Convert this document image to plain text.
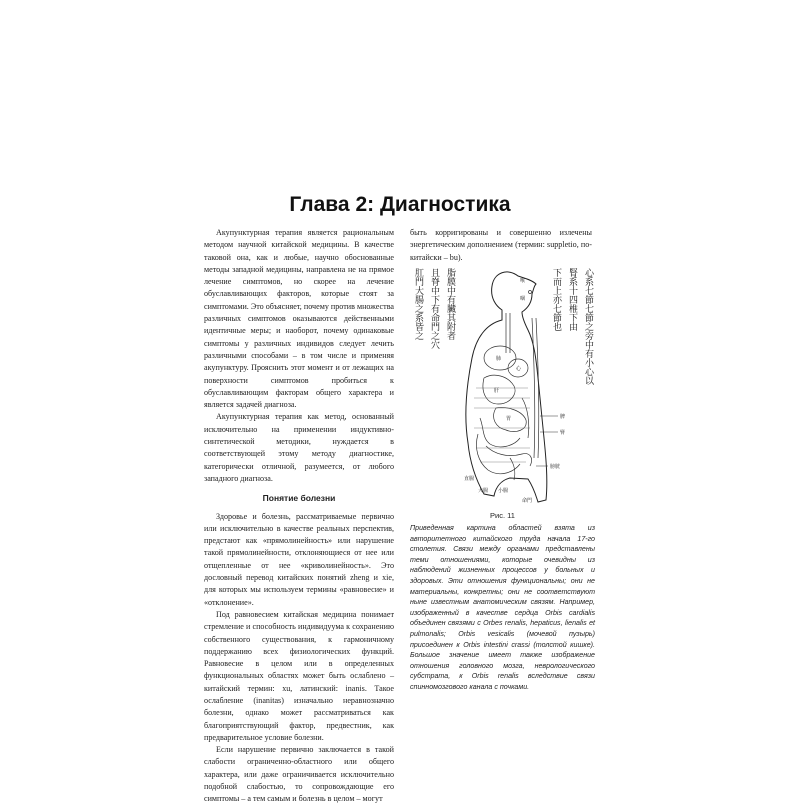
Глава 2: Диагностика

Акупунктурная терапия является рациональным методом научной китайской медицины. В качестве таковой она, как и любые, научно обоснованные методы западной медицины, направлена не на прямое лечение симптомов, но скорее на лечение обуславливающих факторов, которые стоят за симптомами. Это объясняет, почему против множества различных симптомов оказываются действенными идентичные меры; и наоборот, почему одинаковые симптомы у различных индивидов следует лечить различными способами – в том числе и применяя акупунктуру. Прояснить этот момент и от лежащих на поверхности симптомов пробиться к обуславливающим факторам общего характера и является задачей диагноза.

Акупунктурная терапия как метод, основанный исключительно на применении индуктивно-синтетической методики, нуждается в соответствующей этому методу диагностике, категорически отличной, разумеется, от любого западного диагноза.

Понятие болезни

Здоровье и болезнь, рассматриваемые первично или исключительно в качестве реальных перспектив, предстают как «прямолинейность» или нарушение такой прямолинейности, отклоняющиеся от нее или отщепленные от нее «криволинейность». Это дословный перевод китайских понятий zheng и xie, для которых мы используем термины «равновесие» и «отклонение».

Под равновесием китайская медицина понимает стремление и способность индивидуума к сохранению собственного существования, к гармоничному поддержанию всех физиологических функций. Равновесие в целом или в определенных функциональных областях может быть ослаблено – китайский термин: xu, латинский: inanis. Такое ослабление (inanitas) изначально неравнозначно болезни, однако может рассматриваться как благоприятствующий фактор, предвестник, как предварительное условие болезни.

Если нарушение первично заключается в такой слабости ограниченно-областного или общего характера, или даже ограничивается исключительно подобной слабостью, то сопровождающие его симптомы – а тем самым и болезнь в целом – могут

быть корригированы и совершенно излечены энергетическим дополнением (термин: suppletio, по-китайски – bu).

心系七節七節之旁中有小心以
腎系十四椎下由
下而上亦七節也
脂膜中有臟其附者
且脊中下有命門之穴
肛門大腸之系皆之	喉
咽
肺
心
肝
胃	脾
腎
膀胱
命門
小腸
大腸
直腸
Рис. 11
Приведенная картина областей взята из авторитетного китайского труда начала 17-го столетия. Связи между органами представлены теми отношениями, которые очевидны из наблюдений жизненных процессов у больных и здоровых. Эти отношения функциональны; они не материальны, конкретны; они не соответствуют ныне известным анатомическим связям. Например, изображенный в качестве сердца Orbis cardialis объединен связями с Orbes renalis, hepaticus, lienalis et pulmonalis; Orbis vesicalis (мочевой пузырь) присоединен к Orbis intestini crassi (толстой кишке). Большое значение имеет также изображение отношения головного мозга, неврологического субстрата, к Orbis renalis вследствие связи спинномозгового канала с почками.
